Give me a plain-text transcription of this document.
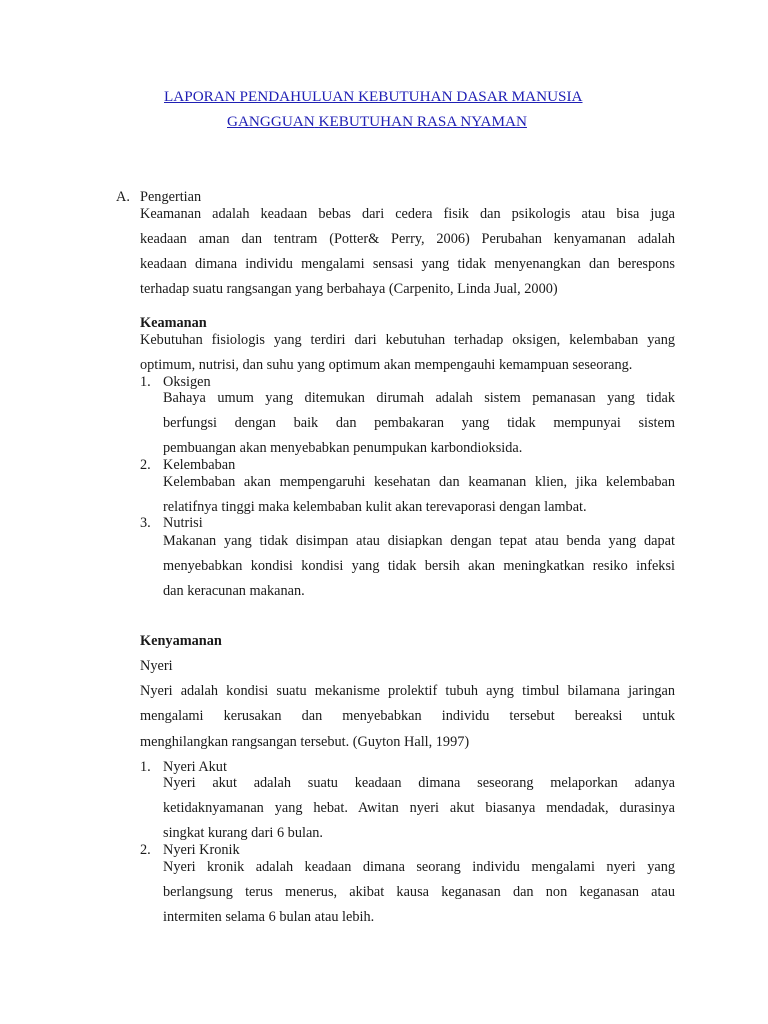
LAPORAN PENDAHULUAN KEBUTUHAN DASAR MANUSIA
GANGGUAN KEBUTUHAN RASA NYAMAN
A. Pengertian
Keamanan adalah keadaan bebas dari cedera fisik dan psikologis atau bisa juga
keadaan aman dan tentram (Potter& Perry, 2006) Perubahan kenyamanan adalah
keadaan dimana individu mengalami sensasi yang tidak menyenangkan dan berespons
terhadap suatu rangsangan yang berbahaya (Carpenito, Linda Jual, 2000)
Keamanan
Kebutuhan fisiologis yang terdiri dari kebutuhan terhadap oksigen, kelembaban yang
optimum, nutrisi, dan suhu yang optimum akan mempengauhi kemampuan seseorang.
1. Oksigen
Bahaya umum yang ditemukan dirumah adalah sistem pemanasan yang tidak
berfungsi dengan baik dan pembakaran yang tidak mempunyai sistem
pembuangan akan menyebabkan penumpukan karbondioksida.
2. Kelembaban
Kelembaban akan mempengaruhi kesehatan dan keamanan klien, jika kelembaban
relatifnya tinggi maka kelembaban kulit akan terevaporasi dengan lambat.
3. Nutrisi
Makanan yang tidak disimpan atau disiapkan dengan tepat atau benda yang dapat
menyebabkan kondisi kondisi yang tidak bersih akan meningkatkan resiko infeksi
dan keracunan makanan.
Kenyamanan
Nyeri
Nyeri adalah kondisi suatu mekanisme prolektif tubuh ayng timbul bilamana jaringan
mengalami kerusakan dan menyebabkan individu tersebut bereaksi untuk
menghilangkan rangsangan tersebut. (Guyton Hall, 1997)
1. Nyeri Akut
Nyeri akut adalah suatu keadaan dimana seseorang melaporkan adanya
ketidaknyamanan yang hebat. Awitan nyeri akut biasanya mendadak, durasinya
singkat kurang dari 6 bulan.
2. Nyeri Kronik
Nyeri kronik adalah keadaan dimana seorang individu mengalami nyeri yang
berlangsung terus menerus, akibat kausa keganasan dan non keganasan atau
intermiten selama 6 bulan atau lebih.
